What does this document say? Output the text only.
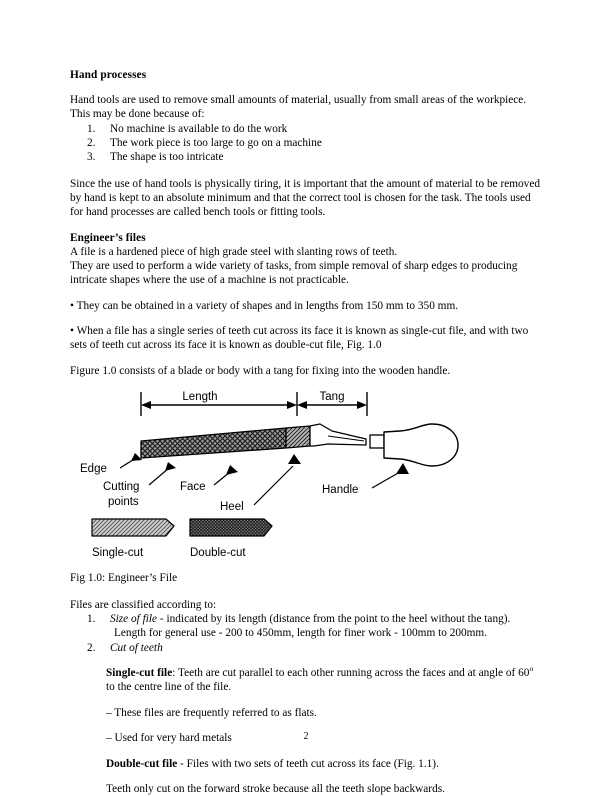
Hand processes

Hand tools are used to remove small amounts of material, usually from small areas of the workpiece. This may be done because of:

1.	No machine is available to do the work
2.	The work piece is too large to go on a machine
3.	The shape is too intricate

Since the use of hand tools is physically tiring, it is important that the amount of material to be removed by hand is kept to an absolute minimum and that the correct tool is chosen for the task. The tools used for hand processes are called bench tools or fitting tools.

Engineer’s files

A file is a hardened piece of high grade steel with slanting rows of teeth.

They are used to perform a wide variety of tasks, from simple removal of sharp edges to producing intricate shapes where the use of a machine is not practicable.

• They can be obtained in a variety of shapes and in lengths from 150 mm to 350 mm.

• When a file has a single series of teeth cut across its face it is known as single-cut file, and with two sets of teeth cut across its face it is known as double-cut file, Fig. 1.0

Figure 1.0 consists of a blade or body with a tang for fixing into the wooden handle.

Length	Tang
Edge
Cutting
points
Face
Heel
Handle
Single-cut	Double-cut

Fig 1.0: Engineer’s File

Files are classified according to:

1.	Size of file - indicated by its length (distance from the point to the heel without the tang).
Length for general use - 200 to 450mm, length for finer work - 100mm to 200mm.
2.	Cut of teeth

Single-cut file: Teeth are cut parallel to each other running across the faces and at angle of 60$^o$ to the centre line of the file.

– These files are frequently referred to as flats.

– Used for very hard metals

Double-cut file - Files with two sets of teeth cut across its face (Fig. 1.1).

Teeth only cut on the forward stroke because all the teeth slope backwards.

2
